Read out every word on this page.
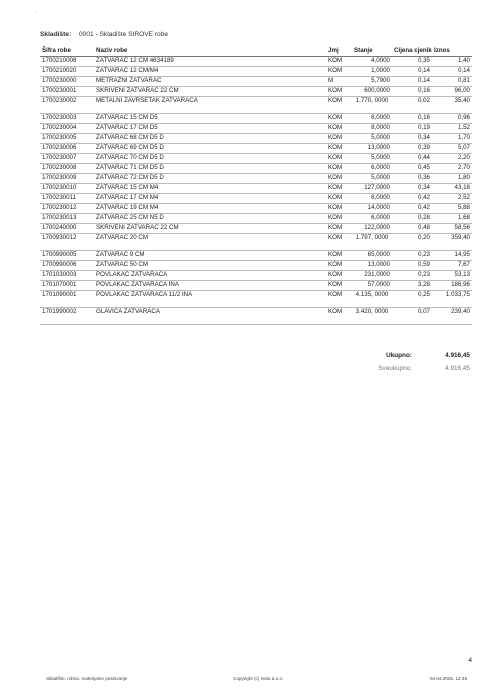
·  ´
Skladište: 0001 - Skladište SIROVE robe
Šifra robe	Naziv robe	Jmj	Stanje	Cijena cjenik	Iznos
1700210008	ZATVARAČ 12 CM 4634189	KOM	4,0000	0,35	1,40
1700210020	ZATVARAČ 12 CM/M4	KOM	1,0000	0,14	0,14
1700230000	METRAŽNI ZATVARAČ	M	5,7900	0,14	0,81
1700230001	SKRIVENI ZATVARAČ 22 CM	KOM	600,0000	0,16	96,00
1700230002	METALNI ZAVRŠETAK ZATVARAČA	KOM	1.770, 0000	0,02	35,40
1700230003	ZATVARAČ 15 CM D5	KOM	6,0000	0,16	0,96
1700230004	ZATVARAČ 17 CM D5	KOM	8,0000	0,19	1,52
1700230005	ZATVARAČ 68 CM D5 D	KOM	5,0000	0,34	1,70
1700230006	ZATVARAČ 69 CM D5 D	KOM	13,0000	0,39	5,07
1700230007	ZATVARAČ 70 CM D5 D	KOM	5,0000	0,44	2,20
1700230008	ZATVARAČ 71 CM D5 D	KOM	6,0000	0,45	2,70
1700230009	ZATVARAČ 72 CM D5 D	KOM	5,0000	0,36	1,80
1700230010	ZATVARAČ 15 CM M4	KOM	127,0000	0,34	43,18
1700230011	ZATVARAČ 17 CM M4	KOM	6,0000	0,42	2,52
1700230012	ZATVARAČ 19 CM M4	KOM	14,0000	0,42	5,88
1700230013	ZATVARAČ 25 CM N5 D	KOM	6,0000	0,28	1,68
1700240000	SKRIVENI ZATVARAČ 22 CM	KOM	122,0000	0,48	58,56
1700930012	ZATVARAČ 20 CM	KOM	1.797, 0000	0,20	359,40
1700990005	ZATVARAČ 9 CM	KOM	65,0000	0,23	14,95
1700990006	ZATVARAČ 50 CM	KOM	13,0000	0,59	7,67
1701030003	POVLAKAČ ZATVARAČA	KOM	231,0000	0,23	53,13
1701070001	POVLAKAČ ZATVARAČA INA	KOM	57,0000	3,28	186,96
1701090001	POVLAKAČ ZATVARAČA 11/2 INA	KOM	4.135, 0000	0,25	1.033,75
1701990002	GLAVICA ZATVARAČA	KOM	3.420, 0000	0,07	239,40
Ukupno:	4.916,45
Sveukupno:	4.916,45
4
Skladište, robno, materijalno poslovanje	Copyright (c) Insta d.o.o.	04.04.2025. 12:46
